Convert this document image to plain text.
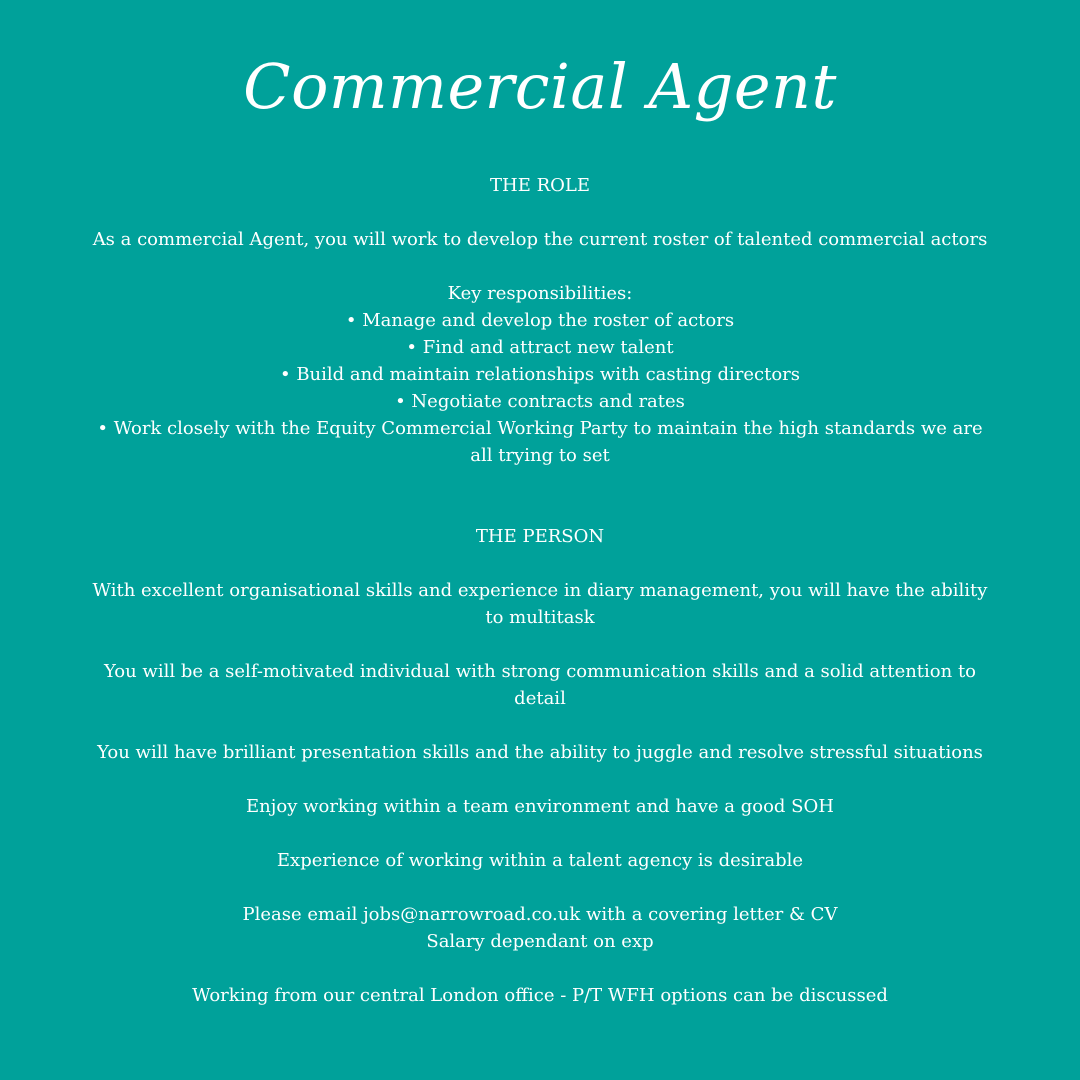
Commercial Agent
THE ROLE
As a commercial Agent, you will work to develop the current roster of talented commercial actors
Key responsibilities:
• Manage and develop the roster of actors
• Find and attract new talent
• Build and maintain relationships with casting directors
• Negotiate contracts and rates
• Work closely with the Equity Commercial Working Party to maintain the high standards we are
all trying to set
THE PERSON
With excellent organisational skills and experience in diary management, you will have the ability
to multitask
You will be a self-motivated individual with strong communication skills and a solid attention to
detail
You will have brilliant presentation skills and the ability to juggle and resolve stressful situations
Enjoy working within a team environment and have a good SOH
Experience of working within a talent agency is desirable
Please email jobs@narrowroad.co.uk with a covering letter & CV
Salary dependant on exp
Working from our central London office - P/T WFH options can be discussed
